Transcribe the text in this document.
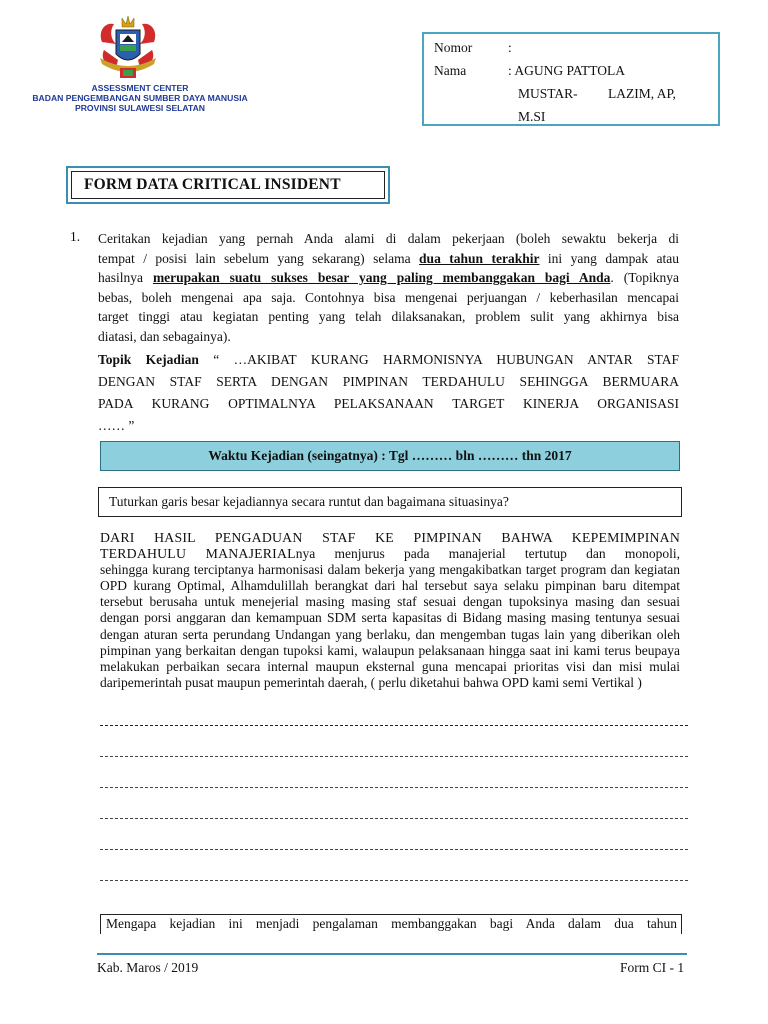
ASSESSMENT CENTER
BADAN PENGEMBANGAN SUMBER DAYA MANUSIA
PROVINSI SULAWESI SELATAN
Nomor	:
Nama	: AGUNG PATTOLA
MUSTAR- LAZIM, AP,
M.SI
FORM DATA CRITICAL INSIDENT
1. Ceritakan kejadian yang pernah Anda alami di dalam pekerjaan (boleh sewaktu bekerja di
tempat / posisi lain sebelum yang sekarang) selama dua tahun terakhir ini yang dampak atau
hasilnya merupakan suatu sukses besar yang paling membanggakan bagi Anda. (Topiknya
bebas, boleh mengenai apa saja. Contohnya bisa mengenai perjuangan / keberhasilan mencapai
target tinggi atau kegiatan penting yang telah dilaksanakan, problem sulit yang akhirnya bisa
diatasi, dan sebagainya).
Topik Kejadian “ …AKIBAT KURANG HARMONISNYA HUBUNGAN ANTAR STAF
DENGAN STAF SERTA DENGAN PIMPINAN TERDAHULU SEHINGGA BERMUARA
PADA KURANG OPTIMALNYA PELAKSANAAN TARGET KINERJA ORGANISASI
…… ”
Waktu Kejadian (seingatnya) : Tgl ……… bln ……… thn 2017
Tuturkan garis besar kejadiannya secara runtut dan bagaimana situasinya?
DARI HASIL PENGADUAN STAF KE PIMPINAN BAHWA KEPEMIMPINAN
TERDAHULU MANAJERIALnya menjurus pada manajerial tertutup dan monopoli,
sehingga kurang terciptanya harmonisasi dalam bekerja yang mengakibatkan target program dan kegiatan OPD kurang Optimal, Alhamdulillah berangkat dari hal tersebut saya selaku pimpinan baru ditempat tersebut berusaha untuk menejerial masing masing staf sesuai dengan tupoksinya masing dan sesuai dengan porsi anggaran dan kemampuan SDM serta kapasitas di Bidang masing masing tentunya sesuai dengan aturan serta perundang Undangan yang berlaku, dan mengemban tugas lain yang diberikan oleh pimpinan yang berkaitan dengan tupoksi kami, walaupun pelaksanaan hingga saat ini kami terus beupaya melakukan perbaikan secara internal maupun eksternal guna mencapai prioritas visi dan misi mulai daripemerintah pusat maupun pemerintah daerah, ( perlu diketahui bahwa OPD kami semi Vertikal )
Mengapa kejadian ini menjadi pengalaman membanggakan bagi Anda dalam dua tahun
Kab. Maros / 2019	Form CI - 1
